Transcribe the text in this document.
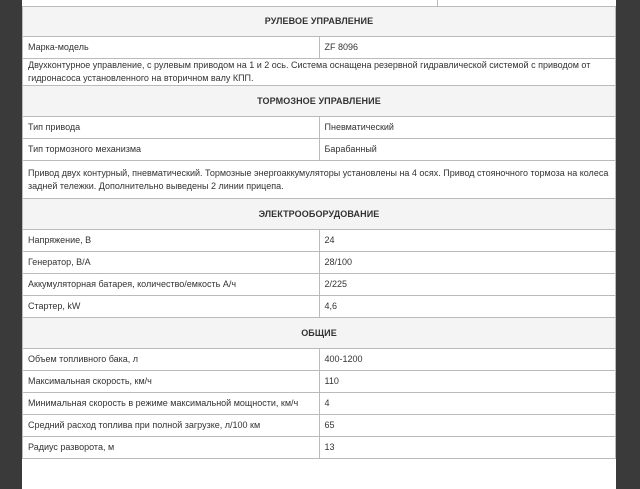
РУЛЕВОЕ УПРАВЛЕНИЕ	
Марка-модель	ZF 8096
Двухконтурное управление, с рулевым приводом на 1 и 2 ось. Система оснащена резервной гидравлической системой с приводом от гидронасоса установленного на вторичном валу КПП.	
ТОРМОЗНОЕ УПРАВЛЕНИЕ	
Тип привода	Пневматический
Тип тормозного механизма	Барабанный
Привод двух контурный, пневматический. Тормозные энергоаккумуляторы установлены на 4 осях. Привод стояночного тормоза на колеса задней тележки. Дополнительно выведены 2 линии прицепа.	
ЭЛЕКТРООБОРУДОВАНИЕ	
Напряжение, В	24
Генератор, В/А	28/100
Аккумуляторная батарея, количество/емкость А/ч	2/225
Стартер, kW	4,6
ОБЩИЕ	
Объем топливного бака, л	400-1200
Максимальная скорость, км/ч	110
Минимальная скорость в режиме максимальной мощности, км/ч	4
Средний расход топлива при полной загрузке, л/100 км	65
Радиус разворота, м	13
